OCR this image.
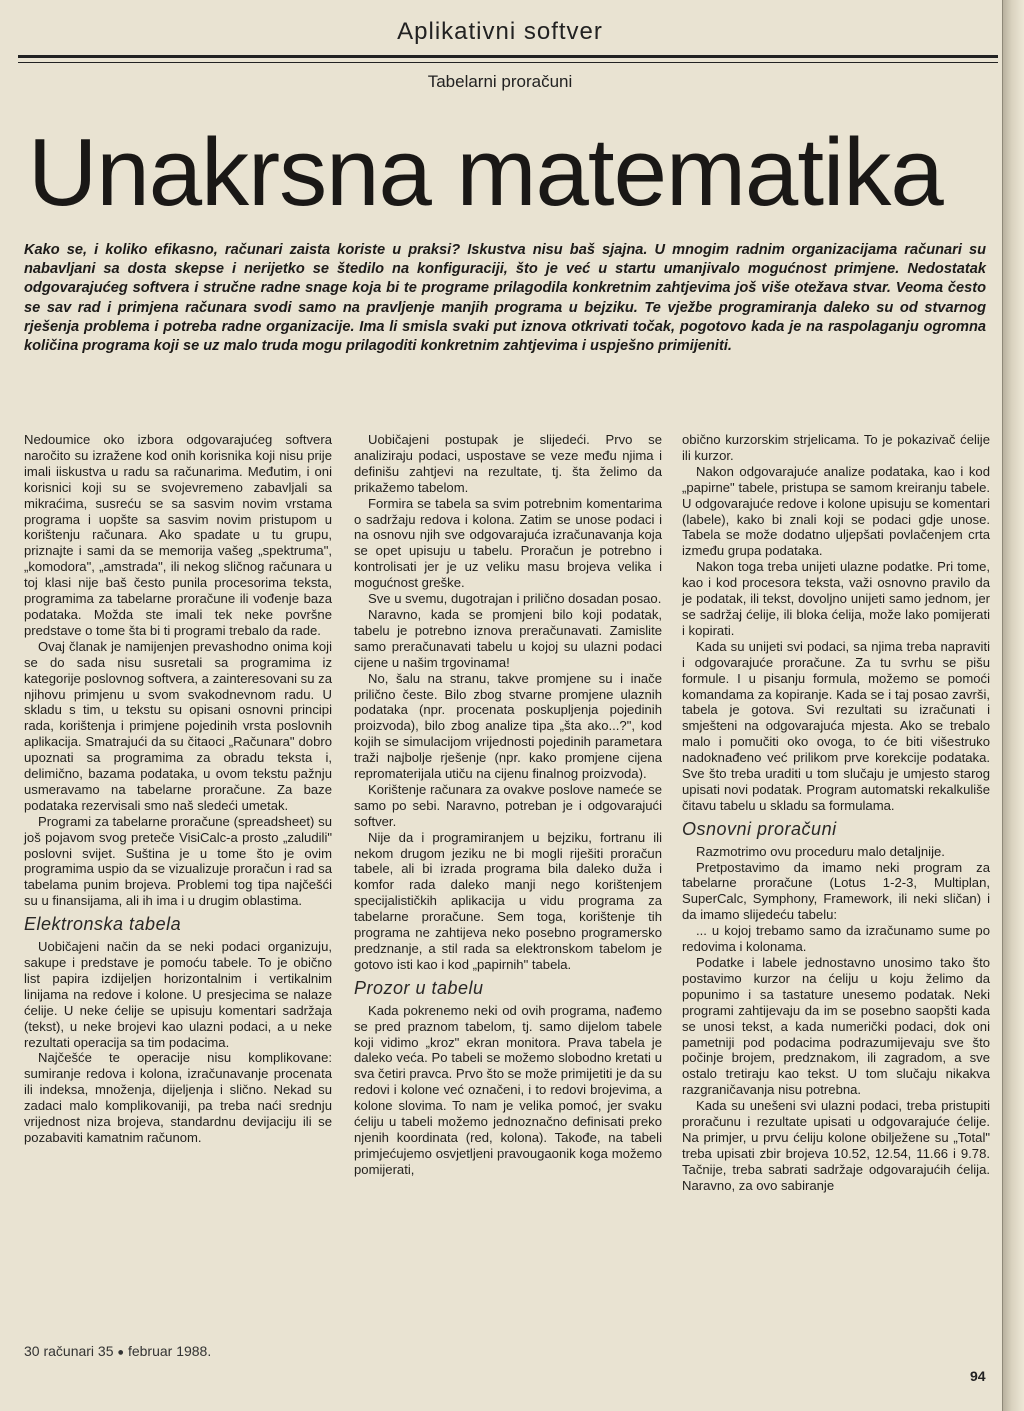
Aplikativni softver
Tabelarni proračuni
Unakrsna matematika
Kako se, i koliko efikasno, računari zaista koriste u praksi? Iskustva nisu baš sjajna. U mnogim radnim organizacijama računari su nabavljani sa dosta skepse i nerijetko se štedilo na konfiguraciji, što je već u startu umanjivalo mogućnost primjene. Nedostatak odgovarajućeg softvera i stručne radne snage koja bi te programe prilagodila konkretnim zahtjevima još više otežava stvar. Veoma često se sav rad i primjena računara svodi samo na pravljenje manjih programa u bejziku. Te vježbe programiranja daleko su od stvarnog rješenja problema i potreba radne organizacije. Ima li smisla svaki put iznova otkrivati točak, pogotovo kada je na raspolaganju ogromna količina programa koji se uz malo truda mogu prilagoditi konkretnim zahtjevima i uspješno primijeniti.

Nedoumice oko izbora odgovarajućeg softvera naročito su izražene kod onih korisnika koji nisu prije imali iiskustva u radu sa računarima. Međutim, i oni korisnici koji su se svojevremeno zabavljali sa mikraćima, susreću se sa sasvim novim vrstama programa i uopšte sa sasvim novim pristupom u korištenju računara. Ako spadate u tu grupu, priznajte i sami da se memorija vašeg „spektruma", „komodora", „amstrada", ili nekog sličnog računara u toj klasi nije baš često punila procesorima teksta, programima za tabelarne proračune ili vođenje baza podataka. Možda ste imali tek neke površne predstave o tome šta bi ti programi trebalo da rade.

Ovaj članak je namijenjen prevashodno onima koji se do sada nisu susretali sa programima iz kategorije poslovnog softvera, a zainteresovani su za njihovu primjenu u svom svakodnevnom radu. U skladu s tim, u tekstu su opisani osnovni principi rada, korištenja i primjene pojedinih vrsta poslovnih aplikacija. Smatrajući da su čitaoci „Računara" dobro upoznati sa programima za obradu teksta i, delimično, bazama podataka, u ovom tekstu pažnju usmeravamo na tabelarne proračune. Za baze podataka rezervisali smo naš sledeći umetak.

Programi za tabelarne proračune (spreadsheet) su još pojavom svog preteče VisiCalc-a prosto „zaludili" poslovni svijet. Suština je u tome što je ovim programima uspio da se vizualizuje proračun i rad sa tabelama punim brojeva. Problemi tog tipa najčešći su u finansijama, ali ih ima i u drugim oblastima.

Elektronska tabela

Uobičajeni način da se neki podaci organizuju, sakupe i predstave je pomoću tabele. To je obično list papira izdijeljen horizontalnim i vertikalnim linijama na redove i kolone. U presjecima se nalaze ćelije. U neke ćelije se upisuju komentari sadržaja (tekst), u neke brojevi kao ulazni podaci, a u neke rezultati operacija sa tim podacima.

Najčešće te operacije nisu komplikovane: sumiranje redova i kolona, izračunavanje procenata ili indeksa, množenja, dijeljenja i slično. Nekad su zadaci malo komplikovaniji, pa treba naći srednju vrijednost niza brojeva, standardnu devijaciju ili se pozabaviti kamatnim računom.

Uobičajeni postupak je slijedeći. Prvo se analiziraju podaci, uspostave se veze među njima i definišu zahtjevi na rezultate, tj. šta želimo da prikažemo tabelom.

Formira se tabela sa svim potrebnim komentarima o sadržaju redova i kolona. Zatim se unose podaci i na osnovu njih sve odgovarajuća izračunavanja koja se opet upisuju u tabelu. Proračun je potrebno i kontrolisati jer je uz veliku masu brojeva velika i mogućnost greške.

Sve u svemu, dugotrajan i prilično dosadan posao.

Naravno, kada se promjeni bilo koji podatak, tabelu je potrebno iznova preračunavati. Zamislite samo preračunavati tabelu u kojoj su ulazni podaci cijene u našim trgovinama!

No, šalu na stranu, takve promjene su i inače prilično česte. Bilo zbog stvarne promjene ulaznih podataka (npr. procenata poskupljenja pojedinih proizvoda), bilo zbog analize tipa „šta ako...?", kod kojih se simulacijom vrijednosti pojedinih parametara traži najbolje rješenje (npr. kako promjene cijena repromaterijala utiču na cijenu finalnog proizvoda).

Korištenje računara za ovakve poslove nameće se samo po sebi. Naravno, potreban je i odgovarajući softver.

Nije da i programiranjem u bejziku, fortranu ili nekom drugom jeziku ne bi mogli riješiti proračun tabele, ali bi izrada programa bila daleko duža i komfor rada daleko manji nego korištenjem specijalističkih aplikacija u vidu programa za tabelarne proračune. Sem toga, korištenje tih programa ne zahtijeva neko posebno programersko predznanje, a stil rada sa elektronskom tabelom je gotovo isti kao i kod „papirnih" tabela.

Prozor u tabelu

Kada pokrenemo neki od ovih programa, nađemo se pred praznom tabelom, tj. samo dijelom tabele koji vidimo „kroz" ekran monitora. Prava tabela je daleko veća. Po tabeli se možemo slobodno kretati u sva četiri pravca. Prvo što se može primijetiti je da su redovi i kolone već označeni, i to redovi brojevima, a kolone slovima. To nam je velika pomoć, jer svaku ćeliju u tabeli možemo jednoznačno definisati preko njenih koordinata (red, kolona). Takođe, na tabeli primjećujemo osvjetljeni pravougaonik koga možemo pomijerati,

obično kurzorskim strjelicama. To je pokazivač ćelije ili kurzor.

Nakon odgovarajuće analize podataka, kao i kod „papirne" tabele, pristupa se samom kreiranju tabele. U odgovarajuće redove i kolone upisuju se komentari (labele), kako bi znali koji se podaci gdje unose. Tabela se može dodatno uljepšati povlačenjem crta između grupa podataka.

Nakon toga treba unijeti ulazne podatke. Pri tome, kao i kod procesora teksta, važi osnovno pravilo da je podatak, ili tekst, dovoljno unijeti samo jednom, jer se sadržaj ćelije, ili bloka ćelija, može lako pomijerati i kopirati.

Kada su unijeti svi podaci, sa njima treba napraviti i odgovarajuće proračune. Za tu svrhu se pišu formule. I u pisanju formula, možemo se pomoći komandama za kopiranje. Kada se i taj posao završi, tabela je gotova. Svi rezultati su izračunati i smješteni na odgovarajuća mjesta. Ako se trebalo malo i pomučiti oko ovoga, to će biti višestruko nadoknađeno već prilikom prve korekcije podataka. Sve što treba uraditi u tom slučaju je umjesto starog upisati novi podatak. Program automatski rekalkuliše čitavu tabelu u skladu sa formulama.

Osnovni proračuni

Razmotrimo ovu proceduru malo detaljnije.

Pretpostavimo da imamo neki program za tabelarne proračune (Lotus 1-2-3, Multiplan, SuperCalc, Symphony, Framework, ili neki sličan) i da imamo slijedeću tabelu:

... u kojoj trebamo samo da izračunamo sume po redovima i kolonama.

Podatke i labele jednostavno unosimo tako što postavimo kurzor na ćeliju u koju želimo da popunimo i sa tastature unesemo podatak. Neki programi zahtijevaju da im se posebno saopšti kada se unosi tekst, a kada numerički podaci, dok oni pametniji pod podacima podrazumijevaju sve što počinje brojem, predznakom, ili zagradom, a sve ostalo tretiraju kao tekst. U tom slučaju nikakva razgraničavanja nisu potrebna.

Kada su unešeni svi ulazni podaci, treba pristupiti proračunu i rezultate upisati u odgovarajuće ćelije. Na primjer, u prvu ćeliju kolone obilježene su „Total" treba upisati zbir brojeva 10.52, 12.54, 11.66 i 9.78. Tačnije, treba sabrati sadržaje odgovarajućih ćelija. Naravno, za ovo sabiranje

30 računari 35 ● februar 1988.
94
